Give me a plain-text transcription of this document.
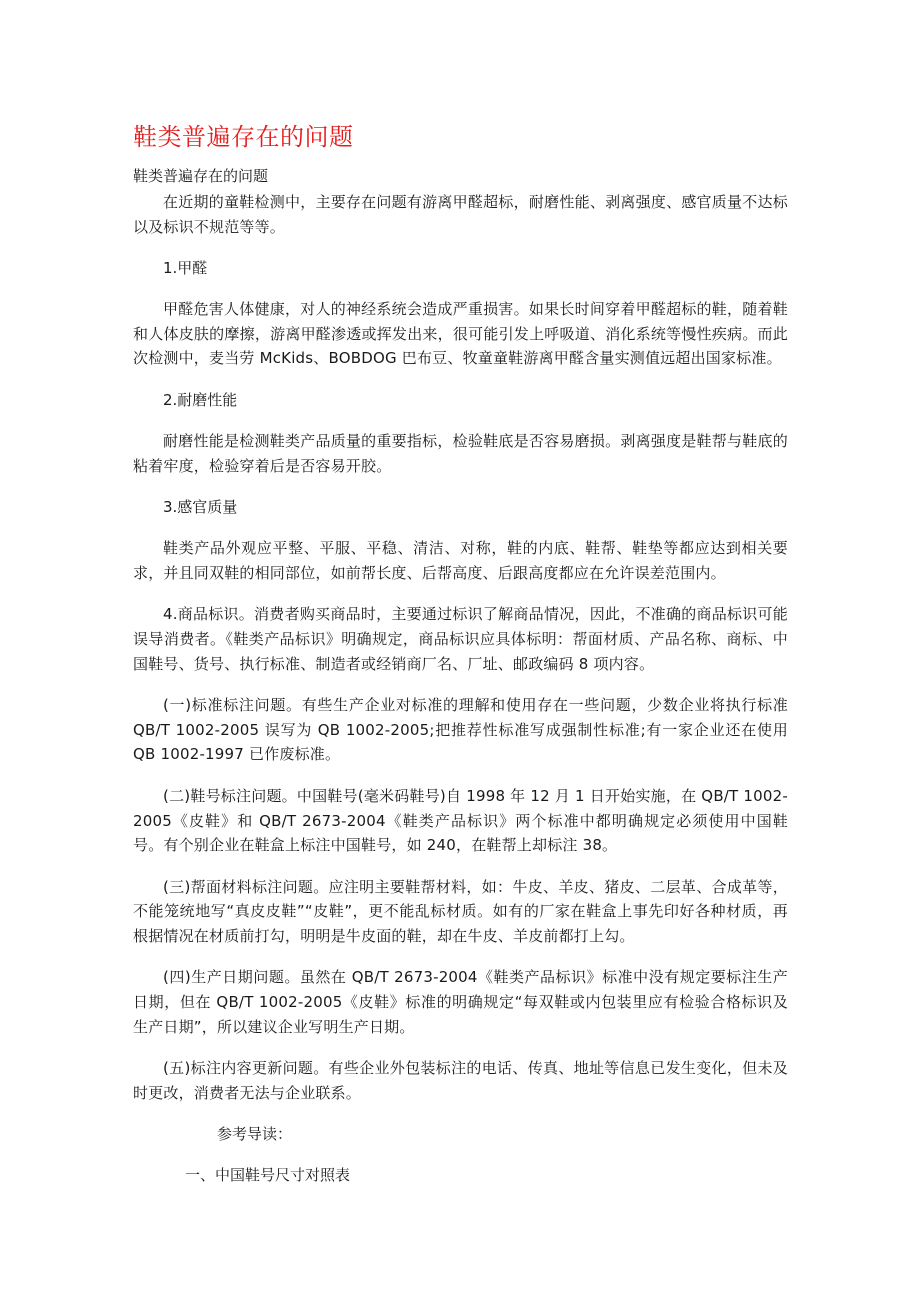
鞋类普遍存在的问题

鞋类普遍存在的问题

在近期的童鞋检测中，主要存在问题有游离甲醛超标，耐磨性能、剥离强度、感官质量不达标以及标识不规范等等。

1.甲醛

甲醛危害人体健康，对人的神经系统会造成严重损害。如果长时间穿着甲醛超标的鞋，随着鞋和人体皮肤的摩擦，游离甲醛渗透或挥发出来，很可能引发上呼吸道、消化系统等慢性疾病。而此次检测中，麦当劳 McKids、BOBDOG 巴布豆、牧童童鞋游离甲醛含量实测值远超出国家标准。

2.耐磨性能

耐磨性能是检测鞋类产品质量的重要指标，检验鞋底是否容易磨损。剥离强度是鞋帮与鞋底的粘着牢度，检验穿着后是否容易开胶。

3.感官质量

鞋类产品外观应平整、平服、平稳、清洁、对称，鞋的内底、鞋帮、鞋垫等都应达到相关要求，并且同双鞋的相同部位，如前帮长度、后帮高度、后跟高度都应在允许误差范围内。

4.商品标识。消费者购买商品时，主要通过标识了解商品情况，因此，不准确的商品标识可能误导消费者。《鞋类产品标识》明确规定，商品标识应具体标明：帮面材质、产品名称、商标、中国鞋号、货号、执行标准、制造者或经销商厂名、厂址、邮政编码 8 项内容。

(一)标准标注问题。有些生产企业对标准的理解和使用存在一些问题，少数企业将执行标准 QB/T 1002-2005 误写为 QB 1002-2005;把推荐性标准写成强制性标准;有一家企业还在使用 QB 1002-1997 已作废标准。

(二)鞋号标注问题。中国鞋号(毫米码鞋号)自 1998 年 12 月 1 日开始实施，在 QB/T 1002-2005《皮鞋》和 QB/T 2673-2004《鞋类产品标识》两个标准中都明确规定必须使用中国鞋号。有个别企业在鞋盒上标注中国鞋号，如 240，在鞋帮上却标注 38。

(三)帮面材料标注问题。应注明主要鞋帮材料，如：牛皮、羊皮、猪皮、二层革、合成革等，不能笼统地写“真皮皮鞋”“皮鞋”，更不能乱标材质。如有的厂家在鞋盒上事先印好各种材质，再根据情况在材质前打勾，明明是牛皮面的鞋，却在牛皮、羊皮前都打上勾。

(四)生产日期问题。虽然在 QB/T 2673-2004《鞋类产品标识》标准中没有规定要标注生产日期，但在 QB/T 1002-2005《皮鞋》标准的明确规定“每双鞋或内包装里应有检验合格标识及生产日期”，所以建议企业写明生产日期。

(五)标注内容更新问题。有些企业外包装标注的电话、传真、地址等信息已发生变化，但未及时更改，消费者无法与企业联系。

参考导读：

一、中国鞋号尺寸对照表
